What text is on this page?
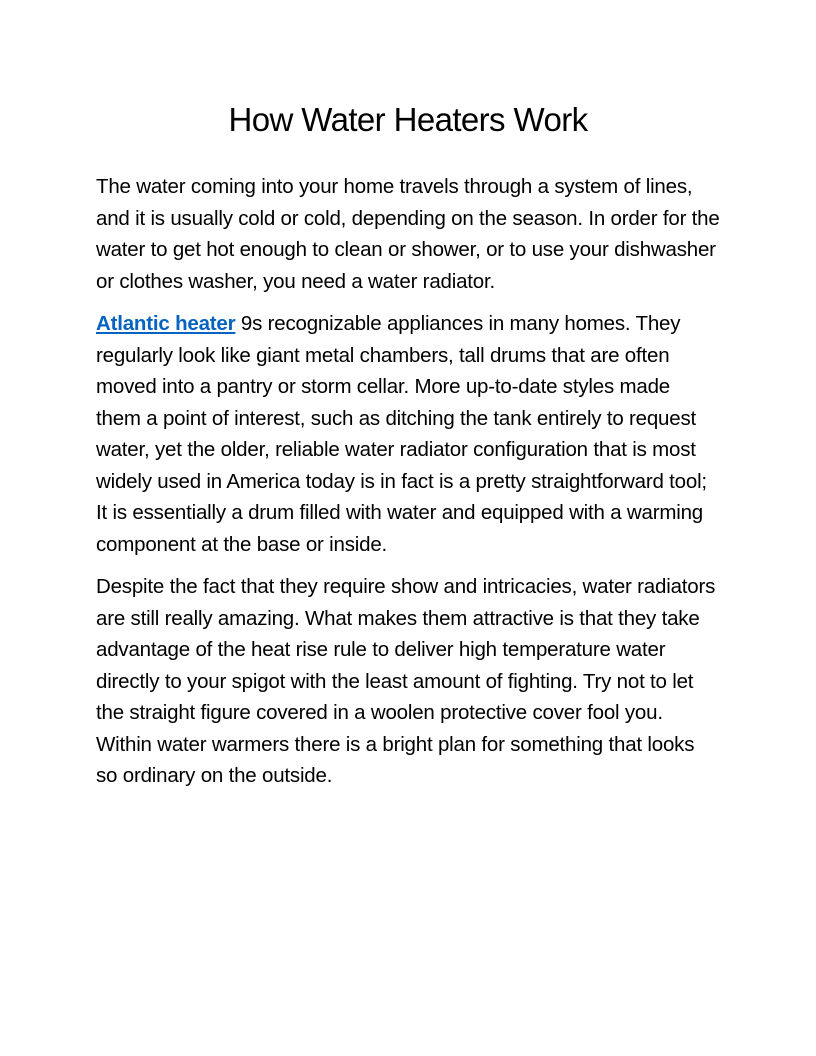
How Water Heaters Work

The water coming into your home travels through a system of lines, and it is usually cold or cold, depending on the season. In order for the water to get hot enough to clean or shower, or to use your dishwasher or clothes washer, you need a water radiator.

Atlantic heater 9s recognizable appliances in many homes. They regularly look like giant metal chambers, tall drums that are often moved into a pantry or storm cellar. More up-to-date styles made them a point of interest, such as ditching the tank entirely to request water, yet the older, reliable water radiator configuration that is most widely used in America today is in fact is a pretty straightforward tool; It is essentially a drum filled with water and equipped with a warming component at the base or inside.

Despite the fact that they require show and intricacies, water radiators are still really amazing. What makes them attractive is that they take advantage of the heat rise rule to deliver high temperature water directly to your spigot with the least amount of fighting. Try not to let the straight figure covered in a woolen protective cover fool you. Within water warmers there is a bright plan for something that looks so ordinary on the outside.
